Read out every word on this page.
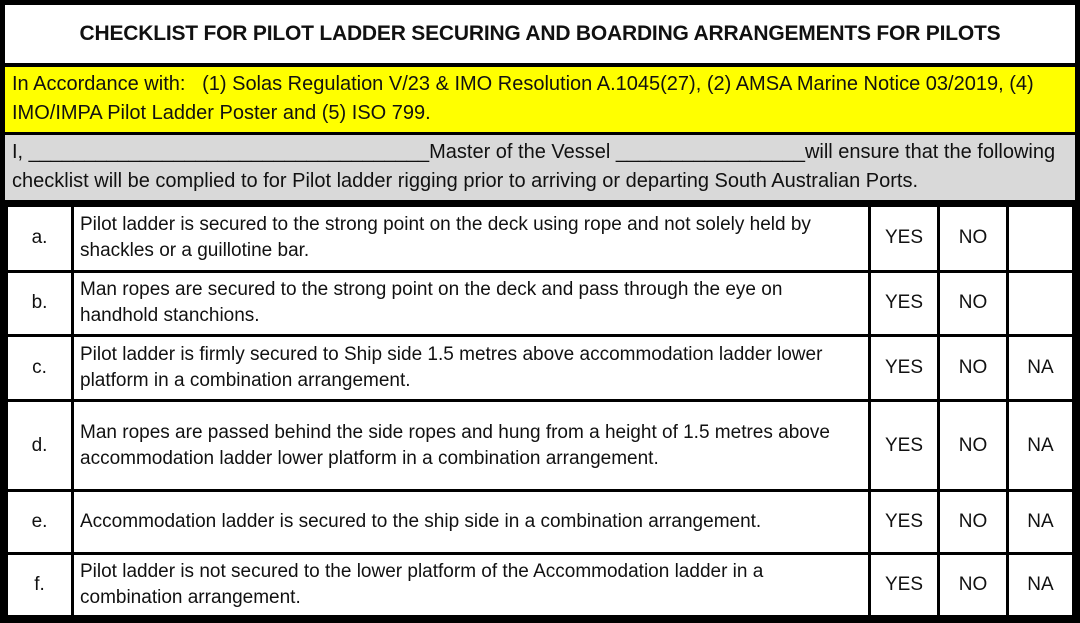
CHECKLIST FOR PILOT LADDER SECURING AND BOARDING ARRANGEMENTS FOR PILOTS
In Accordance with:   (1) Solas Regulation V/23 & IMO Resolution A.1045(27), (2) AMSA Marine Notice 03/2019, (4) IMO/IMPA Pilot Ladder Poster and (5) ISO 799.
I, ____________________________________Master of the Vessel _________________will ensure that the following checklist will be complied to for Pilot ladder rigging prior to arriving or departing South Australian Ports.
a.	Pilot ladder is secured to the strong point on the deck using rope and not solely held by shackles or a guillotine bar.	YES	NO	
b.	Man ropes are secured to the strong point on the deck and pass through the eye on handhold stanchions.	YES	NO	
c.	Pilot ladder is firmly secured to Ship side 1.5 metres above accommodation ladder lower platform in a combination arrangement.	YES	NO	NA
d.	Man ropes are passed behind the side ropes and hung from a height of 1.5 metres above accommodation ladder lower platform in a combination arrangement.	YES	NO	NA
e.	Accommodation ladder is secured to the ship side in a combination arrangement.	YES	NO	NA
f.	Pilot ladder is not secured to the lower platform of the Accommodation ladder in a combination arrangement.	YES	NO	NA
